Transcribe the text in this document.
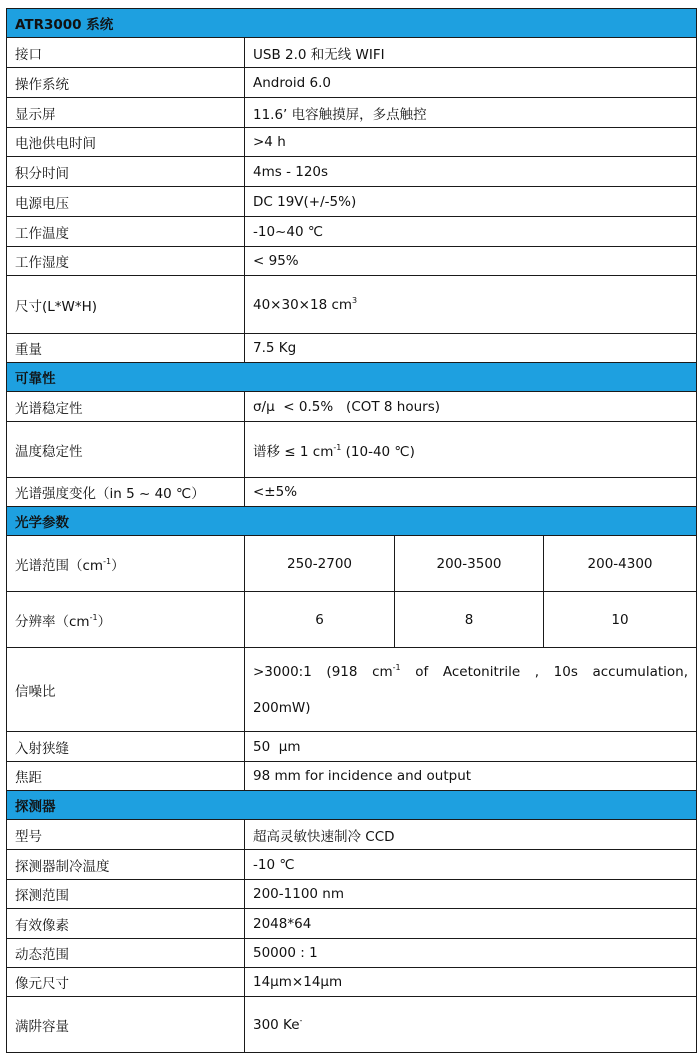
ATR3000 系统			
接口	USB 2.0 和无线 WIFI		
操作系统	Android 6.0		
显示屏	11.6’ 电容触摸屏，多点触控		
电池供电时间	>4 h		
积分时间	4ms - 120s		
电源电压	DC 19V(+/-5%)		
工作温度	-10~40 ℃		
工作湿度	< 95%		
尺寸(L*W*H)	40×30×18 $cm^3$
重量	7.5 Kg		
可靠性			
光谱稳定性	σ/μ  < 0.5%   (COT 8 hours)		
温度稳定性	谱移 ≤ 1 $cm^{-1}$ (10-40 ℃)		
光谱强度变化（in 5 ~ 40 ℃）	<±5%		
光学参数			
光谱范围$(cm^{-1})$	250-2700	200-3500	200-4300
分辨率$(cm^{-1})$	6	8	10
信噪比	>3000:1 (918 $cm^{-1}$ of Acetonitrile , 10s accumulation, 200mW)		
入射狭缝	50  μm		
焦距	98 mm for incidence and output		
探测器			
型号	超高灵敏快速制冷 CCD		
探测器制冷温度	-10 ℃		
探测范围	200-1100 nm		
有效像素	2048*64		
动态范围	50000 : 1		
像元尺寸	14μm×14μm		
满阱容量	300 Ke-
